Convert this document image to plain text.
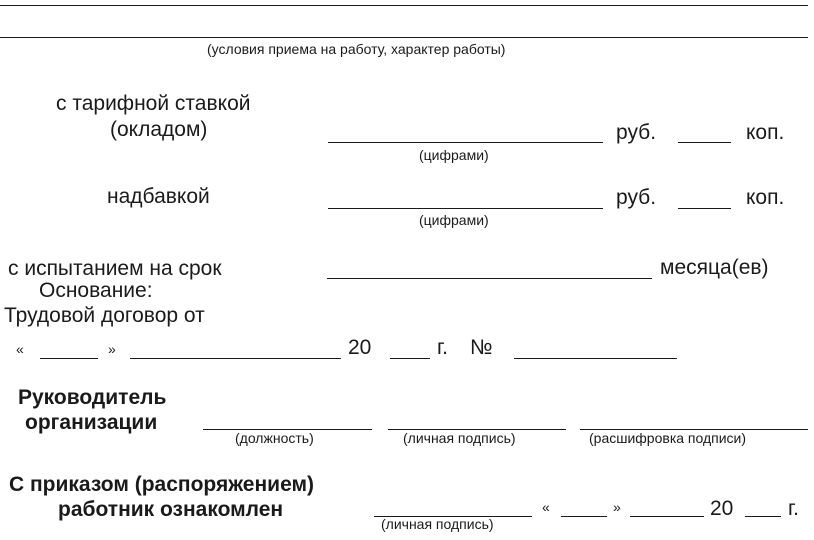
(условия приема на работу, характер работы)
с тарифной ставкой
(окладом)
(цифрами)
руб.	коп.
надбавкой
(цифрами)
руб.	коп.
с испытанием на срок	месяца(ев)
Основание:
Трудовой договор от
«	»	20	г. №
Руководитель
организации
(должность)	(личная подпись)	(расшифровка подписи)
С приказом (распоряжением)
работник ознакомлен
(личная подпись)
«	»	20	г.
